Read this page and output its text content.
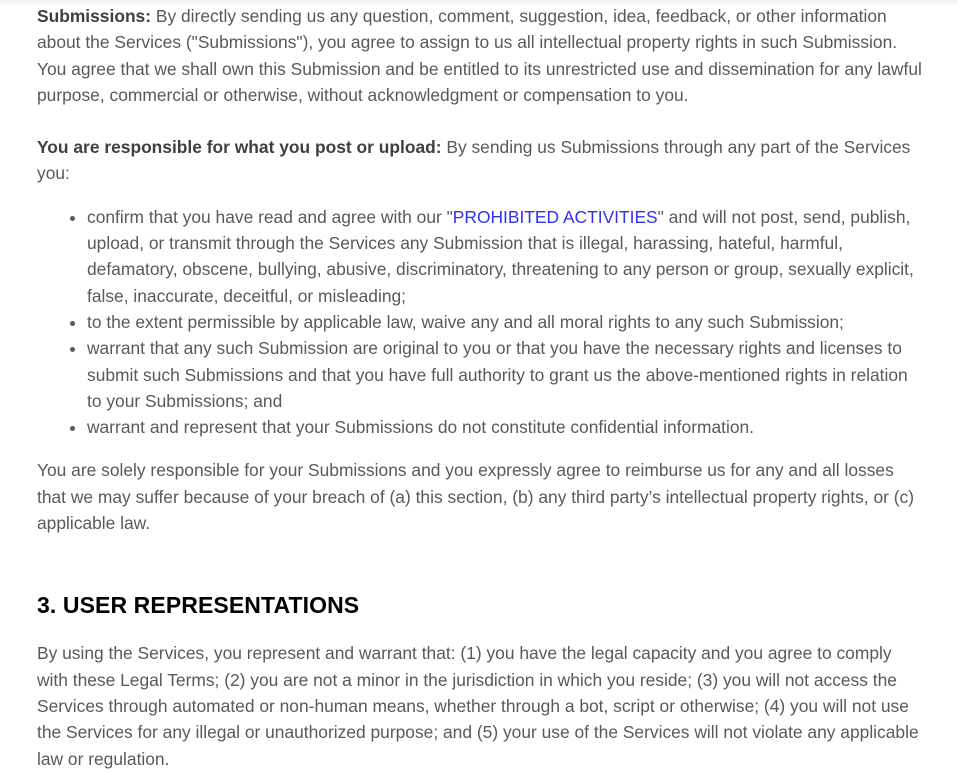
Submissions: By directly sending us any question, comment, suggestion, idea, feedback, or other information about the Services ("Submissions"), you agree to assign to us all intellectual property rights in such Submission. You agree that we shall own this Submission and be entitled to its unrestricted use and dissemination for any lawful purpose, commercial or otherwise, without acknowledgment or compensation to you.

You are responsible for what you post or upload: By sending us Submissions through any part of the Services you:

• confirm that you have read and agree with our "PROHIBITED ACTIVITIES" and will not post, send, publish, upload, or transmit through the Services any Submission that is illegal, harassing, hateful, harmful, defamatory, obscene, bullying, abusive, discriminatory, threatening to any person or group, sexually explicit, false, inaccurate, deceitful, or misleading;
• to the extent permissible by applicable law, waive any and all moral rights to any such Submission;
• warrant that any such Submission are original to you or that you have the necessary rights and licenses to submit such Submissions and that you have full authority to grant us the above-mentioned rights in relation to your Submissions; and
• warrant and represent that your Submissions do not constitute confidential information.

You are solely responsible for your Submissions and you expressly agree to reimburse us for any and all losses that we may suffer because of your breach of (a) this section, (b) any third party’s intellectual property rights, or (c) applicable law.

3. USER REPRESENTATIONS

By using the Services, you represent and warrant that: (1) you have the legal capacity and you agree to comply with these Legal Terms; (2) you are not a minor in the jurisdiction in which you reside; (3) you will not access the Services through automated or non-human means, whether through a bot, script or otherwise; (4) you will not use the Services for any illegal or unauthorized purpose; and (5) your use of the Services will not violate any applicable law or regulation.
